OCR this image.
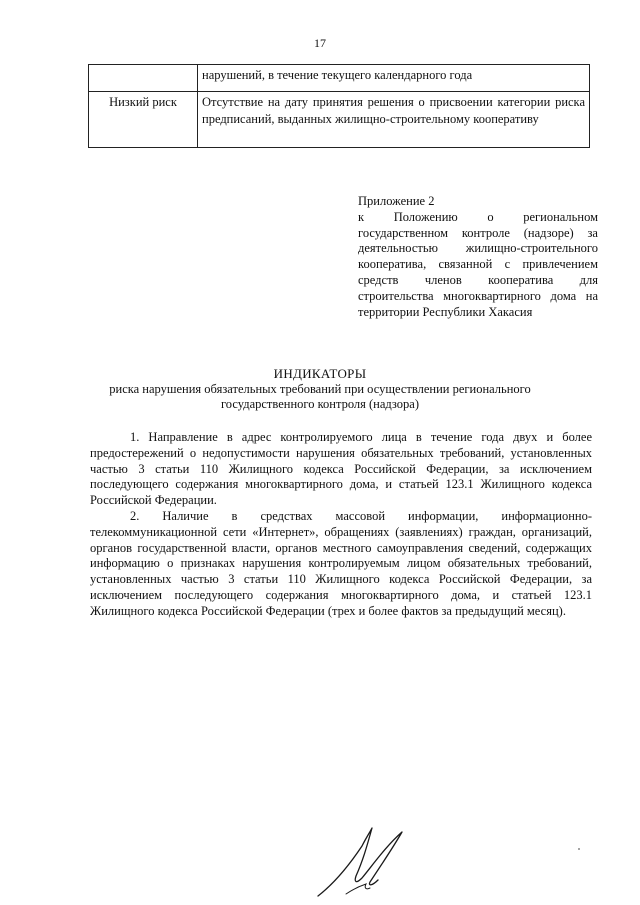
17
	нарушений, в течение текущего календарного года
Низкий риск	Отсутствие на дату принятия решения о присвоении категории риска предписаний, выданных жилищно-строительному кооперативу

Приложение 2

к Положению о региональном государственном контроле (надзоре) за деятельностью жилищно-строительного кооператива, связанной с привлечением средств членов кооператива для строительства многоквартирного дома на территории Республики Хакасия

ИНДИКАТОРЫ
риска нарушения обязательных требований при осуществлении регионального государственного контроля (надзора)

1. Направление в адрес контролируемого лица в течение года двух и более предостережений о недопустимости нарушения обязательных требований, установленных частью 3 статьи 110 Жилищного кодекса Российской Федерации, за исключением последующего содержания многоквартирного дома, и статьей 123.1 Жилищного кодекса Российской Федерации.

2. Наличие в средствах массовой информации, информационно-телекоммуникационной сети «Интернет», обращениях (заявлениях) граждан, организаций, органов государственной власти, органов местного самоуправления сведений, содержащих информацию о признаках нарушения контролируемым лицом обязательных требований, установленных частью 3 статьи 110 Жилищного кодекса Российской Федерации, за исключением последующего содержания многоквартирного дома, и статьей 123.1 Жилищного кодекса Российской Федерации (трех и более фактов за предыдущий месяц).
